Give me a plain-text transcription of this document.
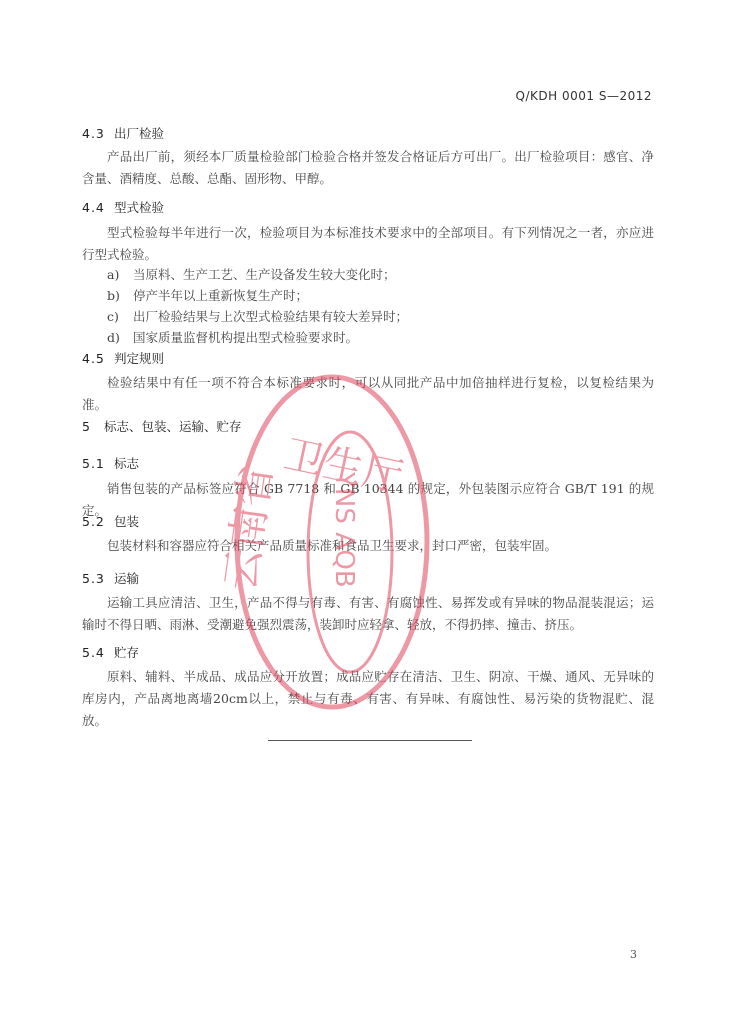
Q/KDH 0001 S—2012
4.3 出厂检验

产品出厂前，须经本厂质量检验部门检验合格并签发合格证后方可出厂。出厂检验项目：感官、净含量、酒精度、总酸、总酯、固形物、甲醇。

4.4 型式检验

型式检验每半年进行一次，检验项目为本标准技术要求中的全部项目。有下列情况之一者，亦应进行型式检验。

a) 当原料、生产工艺、生产设备发生较大变化时；
b) 停产半年以上重新恢复生产时；
c) 出厂检验结果与上次型式检验结果有较大差异时；
d) 国家质量监督机构提出型式检验要求时。
4.5 判定规则

检验结果中有任一项不符合本标准要求时，可以从同批产品中加倍抽样进行复检，以复检结果为准。

5 标志、包装、运输、贮存
5.1 标志

销售包装的产品标签应符合 GB 7718 和 GB 10344 的规定，外包装图示应符合 GB/T 191 的规定。

5.2 包装

包装材料和容器应符合相关产品质量标准和食品卫生要求，封口严密，包装牢固。

5.3 运输

运输工具应清洁、卫生，产品不得与有毒、有害、有腐蚀性、易挥发或有异味的物品混装混运；运输时不得日晒、雨淋、受潮避免强烈震荡，装卸时应轻拿、轻放，不得扔摔、撞击、挤压。

5.4 贮存

原料、辅料、半成品、成品应分开放置；成品应贮存在清洁、卫生、阴凉、干燥、通风、无异味的库房内，产品离地离墙20cm以上，禁止与有毒、有害、有异味、有腐蚀性、易污染的货物混贮、混放。

3
卫生厅
云南省 YNS AQB
